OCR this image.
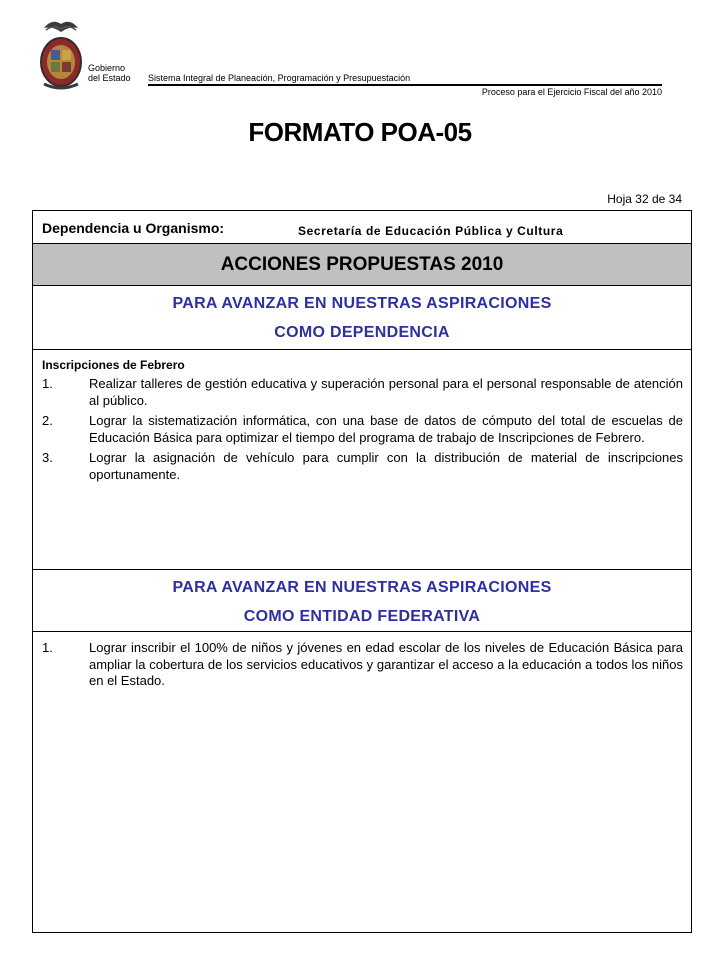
Gobierno
del Estado Sistema Integral de Planeación, Programación y Presupuestación
Proceso para el Ejercicio Fiscal del año 2010
FORMATO POA-05
Hoja 32 de 34
Dependencia u Organismo:	Secretaría de Educación Pública y Cultura
ACCIONES PROPUESTAS 2010
PARA AVANZAR EN NUESTRAS ASPIRACIONES
COMO DEPENDENCIA
Inscripciones de Febrero
1.	Realizar talleres de gestión educativa y superación personal para el personal responsable de atención al público.
2.	Lograr la sistematización informática, con una base de datos de cómputo del total de escuelas de Educación Básica para optimizar el tiempo del programa de trabajo de Inscripciones de Febrero.
3.	Lograr la asignación de vehículo para cumplir con la distribución de material de inscripciones oportunamente.
PARA AVANZAR EN NUESTRAS ASPIRACIONES
COMO ENTIDAD FEDERATIVA
1.	Lograr inscribir el 100% de niños y jóvenes en edad escolar de los niveles de Educación Básica para ampliar la cobertura de los servicios educativos y garantizar el acceso a la educación a todos los niños en el Estado.
